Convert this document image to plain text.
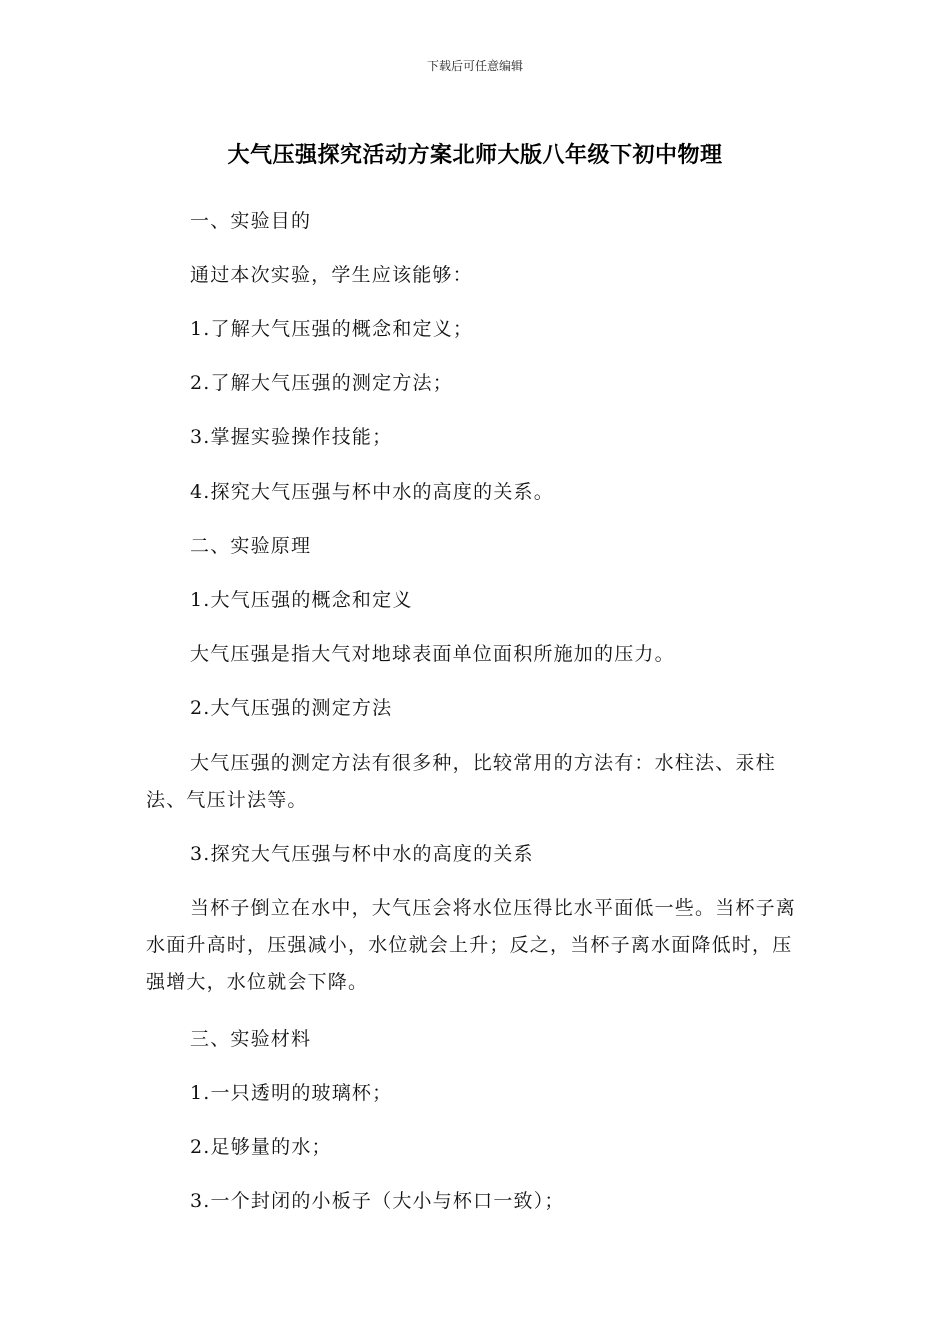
下载后可任意编辑
大气压强探究活动方案北师大版八年级下初中物理
一、实验目的
通过本次实验，学生应该能够：
1.了解大气压强的概念和定义；
2.了解大气压强的测定方法；
3.掌握实验操作技能；
4.探究大气压强与杯中水的高度的关系。
二、实验原理
1.大气压强的概念和定义
大气压强是指大气对地球表面单位面积所施加的压力。
2.大气压强的测定方法
大气压强的测定方法有很多种，比较常用的方法有：水柱法、汞柱法、气压计法等。
3.探究大气压强与杯中水的高度的关系
当杯子倒立在水中，大气压会将水位压得比水平面低一些。当杯子离水面升高时，压强减小，水位就会上升；反之，当杯子离水面降低时，压强增大，水位就会下降。
三、实验材料
1.一只透明的玻璃杯；
2.足够量的水；
3.一个封闭的小板子（大小与杯口一致）；
